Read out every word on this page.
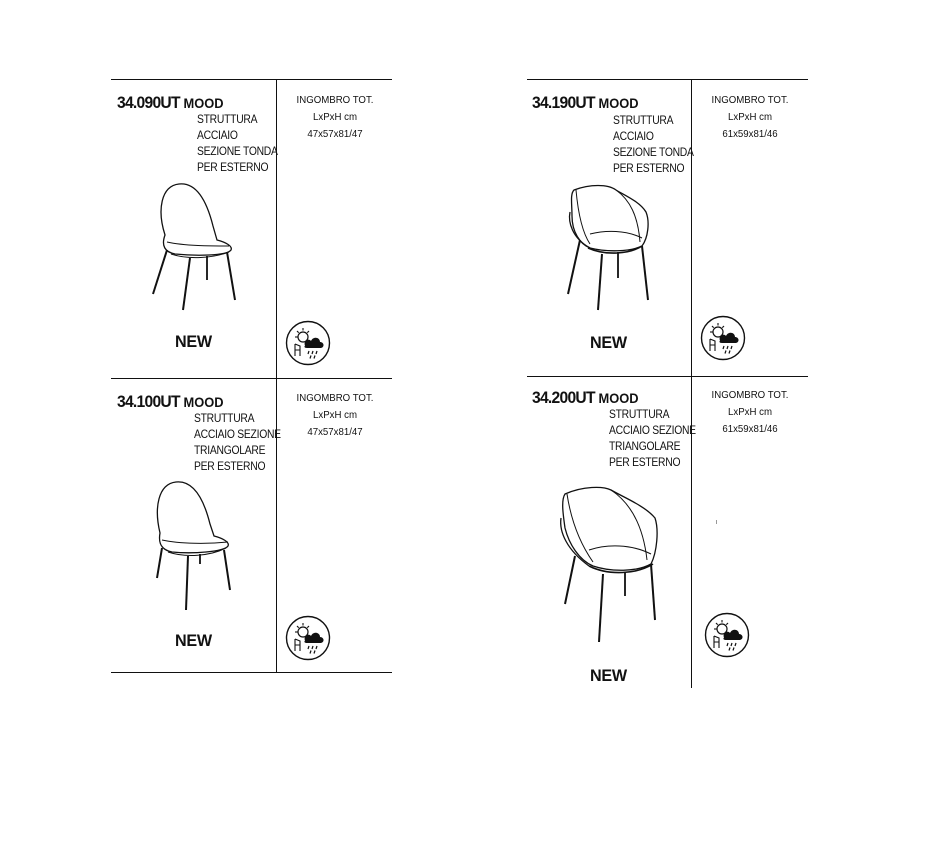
34.090UT MOOD
STRUTTURA
ACCIAIO
SEZIONE TONDA
PER ESTERNO
INGOMBRO TOT.
LxPxH cm
47x57x81/47
NEW
34.100UT MOOD
STRUTTURA
ACCIAIO SEZIONE
TRIANGOLARE
PER ESTERNO
INGOMBRO TOT.
LxPxH cm
47x57x81/47
NEW
34.190UT MOOD
STRUTTURA
ACCIAIO
SEZIONE TONDA
PER ESTERNO
INGOMBRO TOT.
LxPxH cm
61x59x81/46
NEW
34.200UT MOOD
STRUTTURA
ACCIAIO SEZIONE
TRIANGOLARE
PER ESTERNO
INGOMBRO TOT.
LxPxH cm
61x59x81/46
NEW
